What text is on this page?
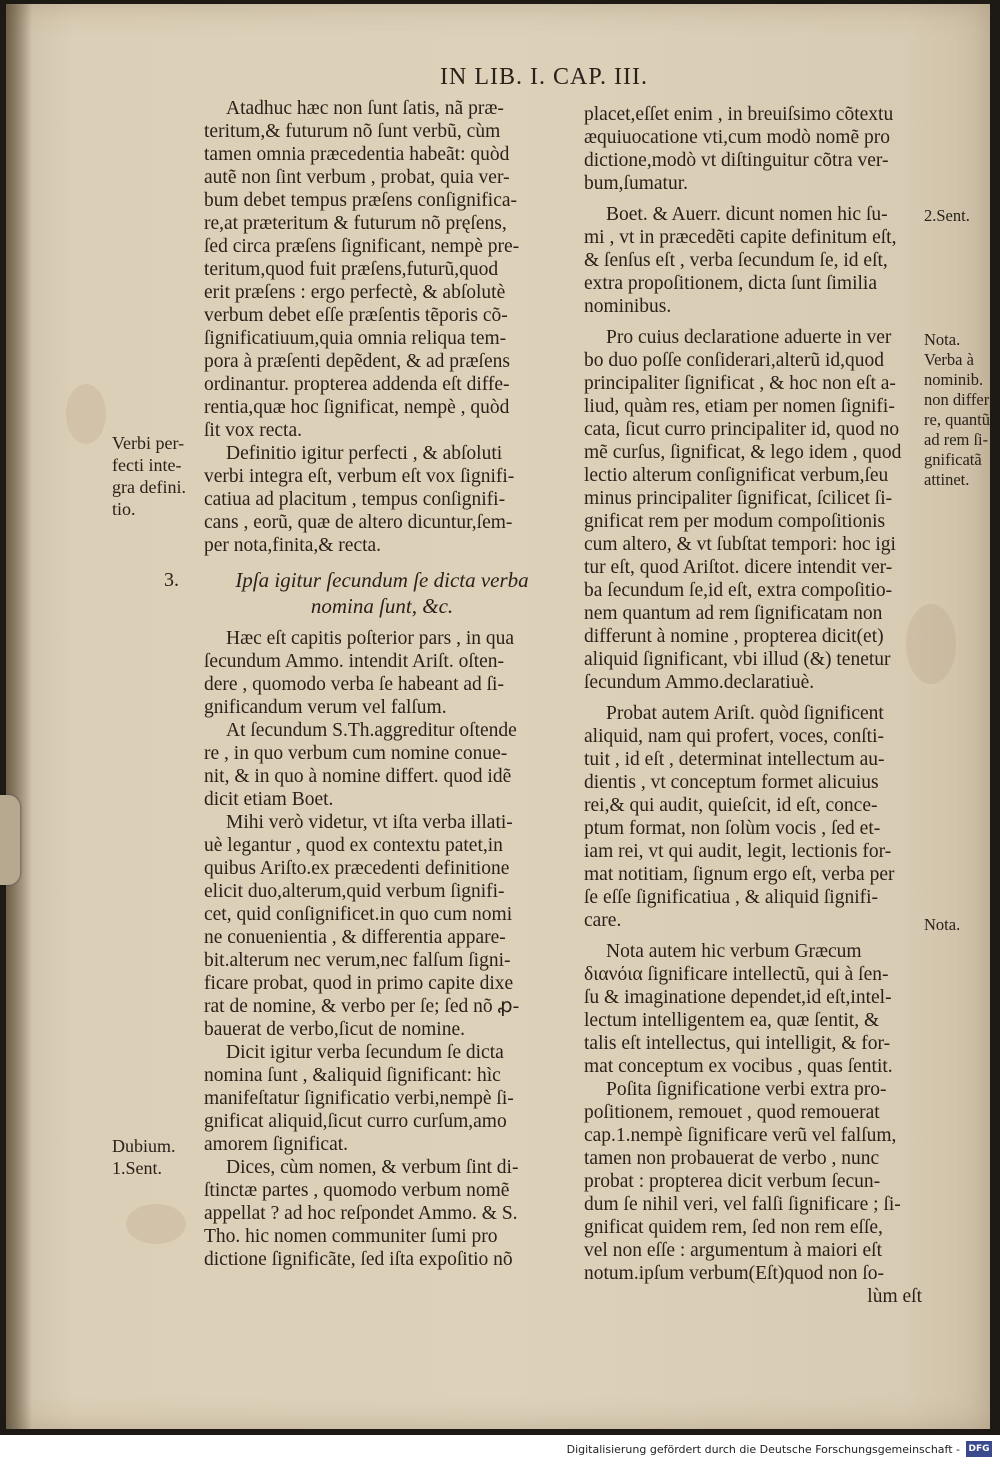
IN LIB. I. CAP. III.
Atadhuc hæc non ſunt ſatis, nã præ-
teritum,& futurum nõ ſunt verbũ, cùm
tamen omnia præcedentia habeãt: quòd
autẽ non ſint verbum , probat, quia ver-
bum debet tempus præſens conſignifica-
re,at præteritum & futurum nõ pręſens,
ſed circa præſens ſignificant, nempè pre-
teritum,quod fuit præſens,futurũ,quod
erit præſens : ergo perfectè, & abſolutè
verbum debet eſſe præſentis tẽporis cõ-
ſignificatiuum,quia omnia reliqua tem-
pora à præſenti depẽdent, & ad præſens
ordinantur. propterea addenda eſt diffe-
rentia,quæ hoc ſignificat, nempè , quòd
ſit vox recta.
Definitio igitur perfecti , & abſoluti
verbi integra eſt, verbum eſt vox ſignifi-
catiua ad placitum , tempus conſignifi-
cans , eorũ, quæ de altero dicuntur,ſem-
per nota,finita,& recta.
3.	Ipſa igitur ſecundum ſe dicta verba
nomina ſunt, &c.
Hæc eſt capitis poſterior pars , in qua
ſecundum Ammo. intendit Ariſt. oſten-
dere , quomodo verba ſe habeant ad ſi-
gnificandum verum vel falſum.
At ſecundum S.Th.aggreditur oſtende
re , in quo verbum cum nomine conue-
nit, & in quo à nomine differt. quod idẽ
dicit etiam Boet.
Mihi verò videtur, vt iſta verba illati-
uè legantur , quod ex contextu patet,in
quibus Ariſto.ex præcedenti definitione
elicit duo,alterum,quid verbum ſignifi-
cet, quid conſignificet.in quo cum nomi
ne conuenientia , & differentia appare-
bit.alterum nec verum,nec falſum ſigni-
ficare probat, quod in primo capite dixe
rat de nomine, & verbo per ſe; ſed nõ ꝓ-
bauerat de verbo,ſicut de nomine.
Dicit igitur verba ſecundum ſe dicta
nomina ſunt , &aliquid ſignificant: hìc
manifeſtatur ſignificatio verbi,nempè ſi-
gnificat aliquid,ſicut curro curſum,amo
amorem ſignificat.
Dices, cùm nomen, & verbum ſint di-
ſtinctæ partes , quomodo verbum nomẽ
appellat ? ad hoc reſpondet Ammo. & S.
Tho. hic nomen communiter ſumi pro
dictione ſignificãte, ſed iſta expoſitio nõ
placet,eſſet enim , in breuiſsimo cõtextu
æquiuocatione vti,cum modò nomẽ pro
dictione,modò vt diſtinguitur cõtra ver-
bum,ſumatur.
Boet. & Auerr. dicunt nomen hic ſu-
mi , vt in præcedẽti capite definitum eſt,
& ſenſus eſt , verba ſecundum ſe, id eſt,
extra propoſitionem, dicta ſunt ſimilia
nominibus.
Pro cuius declaratione aduerte in ver
bo duo poſſe conſiderari,alterũ id,quod
principaliter ſignificat , & hoc non eſt a-
liud, quàm res, etiam per nomen ſignifi-
cata, ſicut curro principaliter id, quod no
mẽ curſus, ſignificat, & lego idem , quod
lectio alterum conſignificat verbum,ſeu
minus principaliter ſignificat, ſcilicet ſi-
gnificat rem per modum compoſitionis
cum altero, & vt ſubſtat tempori: hoc igi
tur eſt, quod Ariſtot. dicere intendit ver-
ba ſecundum ſe,id eſt, extra compoſitio-
nem quantum ad rem ſignificatam non
differunt à nomine , propterea dicit(et)
aliquid ſignificant, vbi illud (&) tenetur
ſecundum Ammo.declaratiuè.
Probat autem Ariſt. quòd ſignificent
aliquid, nam qui profert, voces, conſti-
tuit , id eſt , determinat intellectum au-
dientis , vt conceptum formet alicuius
rei,& qui audit, quieſcit, id eſt, conce-
ptum format, non ſolùm vocis , ſed et-
iam rei, vt qui audit, legit, lectionis for-
mat notitiam, ſignum ergo eſt, verba per
ſe eſſe ſignificatiua , & aliquid ſignifi-
care.
Nota autem hic verbum Græcum
διανόια ſignificare intellectũ, qui à ſen-
ſu & imaginatione dependet,id eſt,intel-
lectum intelligentem ea, quæ ſentit, &
talis eſt intellectus, qui intelligit, & for-
mat conceptum ex vocibus , quas ſentit.
Poſita ſignificatione verbi extra pro-
poſitionem, remouet , quod remouerat
cap.1.nempè ſignificare verũ vel falſum,
tamen non probauerat de verbo , nunc
probat : propterea dicit verbum ſecun-
dum ſe nihil veri, vel falſi ſignificare ; ſi-
gnificat quidem rem, ſed non rem eſſe,
vel non eſſe : argumentum à maiori eſt
notum.ipſum verbum(Eſt)quod non ſo-
lùm eſt
Verbi per-
fecti inte-
gra defini.
tio.
Dubium.
1.Sent.
2.Sent.
Nota.
Verba à
nominib.
non differ
re, quantũ
ad rem ſi-
gnificatã
attinet.
Nota.
Digitalisierung gefördert durch die Deutsche Forschungsgemeinschaft - DFG
